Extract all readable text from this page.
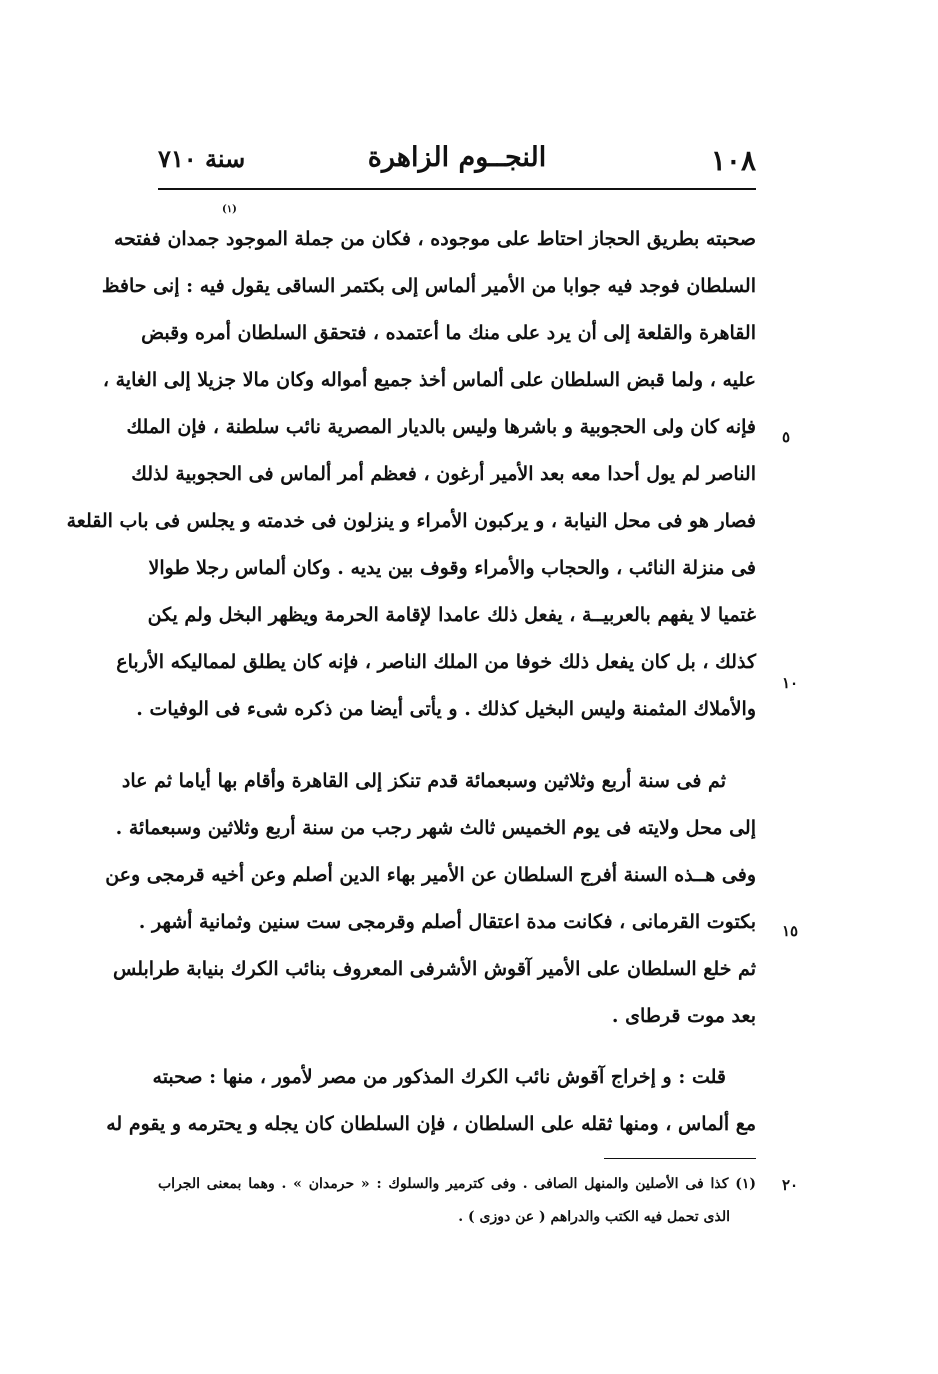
١٠٨
النجــوم الزاهرة
سنة ٧١٠
(١)
صحبته بطريق الحجاز احتاط على موجوده ، فكان من جملة الموجود جمدان ففتحه
السلطان فوجد فيه جوابا من الأمير ألماس إلى بكتمر الساقى يقول فيه : إنى حافظ
القاهرة والقلعة إلى أن يرد على منك ما أعتمده ، فتحقق السلطان أمره وقبض
عليه ، ولما قبض السلطان على ألماس أخذ جميع أمواله وكان مالا جزيلا إلى الغاية ،
فإنه كان ولى الحجوبية و باشرها وليس بالديار المصرية نائب سلطنة ، فإن الملك
الناصر لم يول أحدا معه بعد الأمير أرغون ، فعظم أمر ألماس فى الحجوبية لذلك
فصار هو فى محل النيابة ، و يركبون الأمراء و ينزلون فى خدمته و يجلس فى باب القلعة
فى منزلة النائب ، والحجاب والأمراء وقوف بين يديه . وكان ألماس رجلا طوالا
غتميا لا يفهم بالعربيــة ، يفعل ذلك عامدا لإقامة الحرمة ويظهر البخل ولم يكن
كذلك ، بل كان يفعل ذلك خوفا من الملك الناصر ، فإنه كان يطلق لمماليكه الأرباع
والأملاك المثمنة وليس البخيل كذلك . و يأتى أيضا من ذكره شىء فى الوفيات .
ثم فى سنة أربع وثلاثين وسبعمائة قدم تنكز إلى القاهرة وأقام بها أياما ثم عاد
إلى محل ولايته فى يوم الخميس ثالث شهر رجب من سنة أربع وثلاثين وسبعمائة .
وفى هــذه السنة أفرج السلطان عن الأمير بهاء الدين أصلم وعن أخيه قرمجى وعن
بكتوت القرمانى ، فكانت مدة اعتقال أصلم وقرمجى ست سنين وثمانية أشهر .
ثم خلع السلطان على الأمير آقوش الأشرفى المعروف بنائب الكرك بنيابة طرابلس
بعد موت قرطاى .
قلت : و إخراج آقوش نائب الكرك المذكور من مصر لأمور ، منها : صحبته
مع ألماس ، ومنها ثقله على السلطان ، فإن السلطان كان يجله و يحترمه و يقوم له
(١) كذا فى الأصلين والمنهل الصافى . وفى كترمير والسلوك : « حرمدان » . وهما بمعنى الجراب
الذى تحمل فيه الكتب والدراهم ( عن دوزى ) .
٥
١٠
١٥
٢٠
